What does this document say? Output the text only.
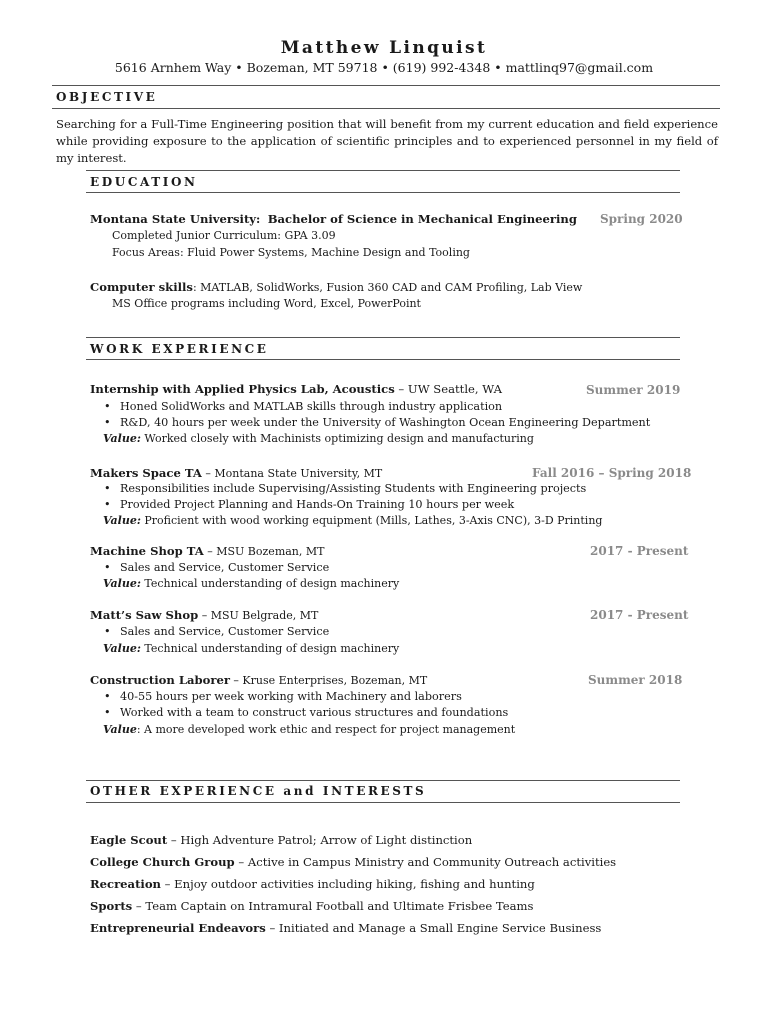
Matthew Linquist
5616 Arnhem Way • Bozeman, MT 59718 • (619) 992-4348 • mattlinq97@gmail.com
OBJECTIVE
Searching for a Full-Time Engineering position that will benefit from my current education and field experience while providing exposure to the application of scientific principles and to experienced personnel in my field of my interest.
EDUCATION
Montana State University: Bachelor of Science in Mechanical Engineering Spring 2020
Completed Junior Curriculum: GPA 3.09
Focus Areas: Fluid Power Systems, Machine Design and Tooling
Computer skills: MATLAB, SolidWorks, Fusion 360 CAD and CAM Profiling, Lab View
MS Office programs including Word, Excel, PowerPoint
WORK EXPERIENCE
Internship with Applied Physics Lab, Acoustics – UW Seattle, WA	Summer 2019
• Honed SolidWorks and MATLAB skills through industry application
• R&D, 40 hours per week under the University of Washington Ocean Engineering Department
Value: Worked closely with Machinists optimizing design and manufacturing
Makers Space TA – Montana State University, MT	Fall 2016 – Spring 2018
• Responsibilities include Supervising/Assisting Students with Engineering projects
• Provided Project Planning and Hands-On Training 10 hours per week
Value: Proficient with wood working equipment (Mills, Lathes, 3-Axis CNC), 3-D Printing
Machine Shop TA – MSU Bozeman, MT	2017 - Present
• Sales and Service, Customer Service
Value: Technical understanding of design machinery
Matt’s Saw Shop – MSU Belgrade, MT	2017 - Present
• Sales and Service, Customer Service
Value: Technical understanding of design machinery
Construction Laborer – Kruse Enterprises, Bozeman, MT	Summer 2018
• 40-55 hours per week working with Machinery and laborers
• Worked with a team to construct various structures and foundations
Value: A more developed work ethic and respect for project management
OTHER EXPERIENCE and INTERESTS
Eagle Scout – High Adventure Patrol; Arrow of Light distinction
College Church Group – Active in Campus Ministry and Community Outreach activities
Recreation – Enjoy outdoor activities including hiking, fishing and hunting
Sports – Team Captain on Intramural Football and Ultimate Frisbee Teams
Entrepreneurial Endeavors – Initiated and Manage a Small Engine Service Business
